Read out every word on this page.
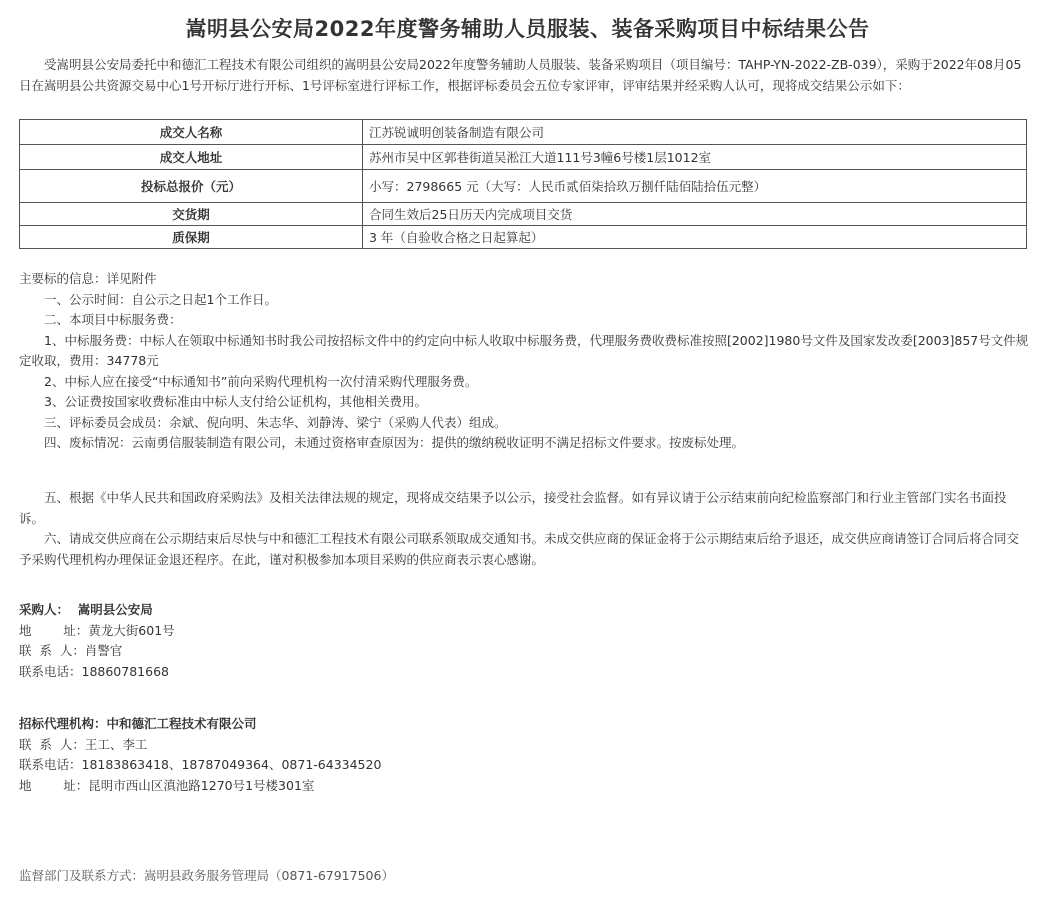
嵩明县公安局2022年度警务辅助人员服装、装备采购项目中标结果公告

受嵩明县公安局委托中和德汇工程技术有限公司组织的嵩明县公安局2022年度警务辅助人员服装、装备采购项目（项目编号：TAHP-YN-2022-ZB-039），采购于2022年08月05日在嵩明县公共资源交易中心1号开标厅进行开标、1号评标室进行评标工作，根据评标委员会五位专家评审，评审结果并经采购人认可，现将成交结果公示如下：

成交人名称	江苏锐诚明创装备制造有限公司
成交人地址	苏州市吴中区郭巷街道吴淞江大道111号3幢6号楼1层1012室
投标总报价（元）	小写：2798665 元（大写：人民币贰佰柒拾玖万捌仟陆佰陆拾伍元整）
交货期	合同生效后25日历天内完成项目交货
质保期	3 年（自验收合格之日起算起）

主要标的信息：详见附件

一、公示时间：自公示之日起1个工作日。

二、本项目中标服务费：

1、中标服务费：中标人在领取中标通知书时我公司按招标文件中的约定向中标人收取中标服务费，代理服务费收费标准按照[2002]1980号文件及国家发改委[2003]857号文件规定收取，费用：34778元

2、中标人应在接受“中标通知书”前向采购代理机构一次付清采购代理服务费。

3、公证费按国家收费标准由中标人支付给公证机构，其他相关费用。

三、评标委员会成员：余斌、倪向明、朱志华、刘静涛、梁宁（采购人代表）组成。

四、废标情况：云南勇信服装制造有限公司，未通过资格审查原因为：提供的缴纳税收证明不满足招标文件要求。按废标处理。

五、根据《中华人民共和国政府采购法》及相关法律法规的规定，现将成交结果予以公示，接受社会监督。如有异议请于公示结束前向纪检监察部门和行业主管部门实名书面投诉。

六、请成交供应商在公示期结束后尽快与中和德汇工程技术有限公司联系领取成交通知书。未成交供应商的保证金将于公示期结束后给予退还，成交供应商请签订合同后将合同交予采购代理机构办理保证金退还程序。在此，谨对积极参加本项目采购的供应商表示衷心感谢。

采购人：  嵩明县公安局

地        址：黄龙大街601号

联  系  人：肖警官

联系电话：18860781668

招标代理机构：中和德汇工程技术有限公司

联  系  人：王工、李工

联系电话：18183863418、18787049364、0871-64334520

地        址：昆明市西山区滇池路1270号1号楼301室

监督部门及联系方式：嵩明县政务服务管理局（0871-67917506）
